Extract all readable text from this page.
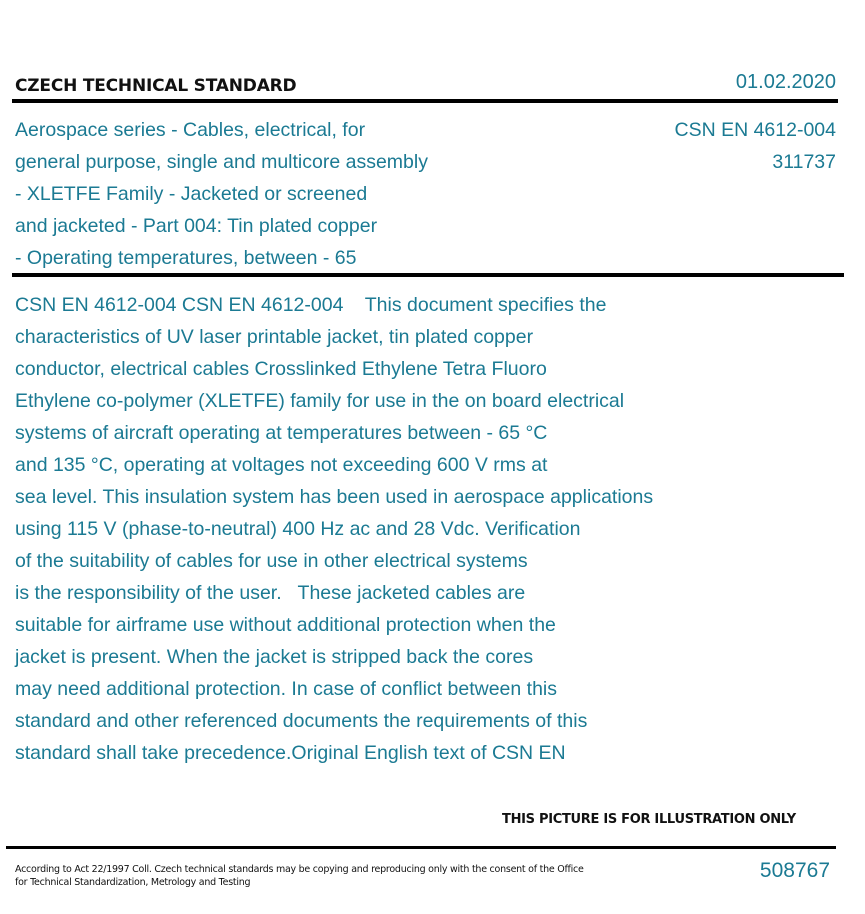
CZECH TECHNICAL STANDARD	01.02.2020
Aerospace series - Cables, electrical, for
general purpose, single and multicore assembly
- XLETFE Family - Jacketed or screened
and jacketed - Part 004: Tin plated copper
- Operating temperatures, between - 65
CSN EN 4612-004
311737
CSN EN 4612-004 CSN EN 4612-004    This document specifies the
characteristics of UV laser printable jacket, tin plated copper
conductor, electrical cables Crosslinked Ethylene Tetra Fluoro
Ethylene co-polymer (XLETFE) family for use in the on board electrical
systems of aircraft operating at temperatures between - 65 °C
and 135 °C, operating at voltages not exceeding 600 V rms at
sea level. This insulation system has been used in aerospace applications
using 115 V (phase-to-neutral) 400 Hz ac and 28 Vdc. Verification
of the suitability of cables for use in other electrical systems
is the responsibility of the user.   These jacketed cables are
suitable for airframe use without additional protection when the
jacket is present. When the jacket is stripped back the cores
may need additional protection. In case of conflict between this
standard and other referenced documents the requirements of this
standard shall take precedence.Original English text of CSN EN
THIS PICTURE IS FOR ILLUSTRATION ONLY
According to Act 22/1997 Coll. Czech technical standards may be copying and reproducing only with the consent of the Office
for Technical Standardization, Metrology and Testing
508767
